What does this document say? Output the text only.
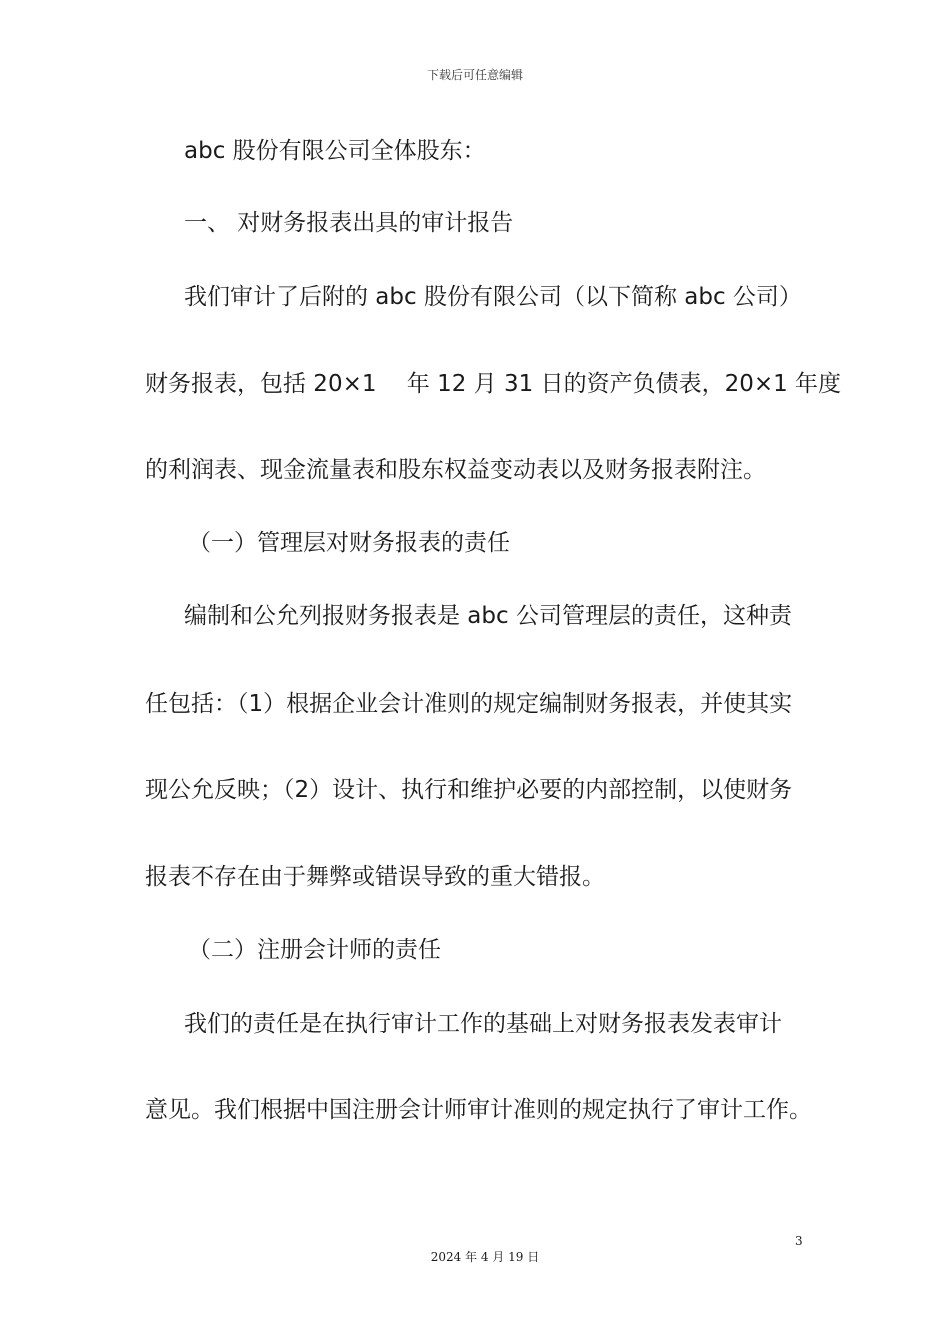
下载后可任意编辑
abc 股份有限公司全体股东：
一、 对财务报表出具的审计报告
我们审计了后附的 abc 股份有限公司（以下简称 abc 公司）
财务报表，包括 20×1　 年 12 月 31 日的资产负债表，20×1 年度
的利润表、现金流量表和股东权益变动表以及财务报表附注。
（一）管理层对财务报表的责任
编制和公允列报财务报表是 abc 公司管理层的责任，这种责
任包括：（1）根据企业会计准则的规定编制财务报表，并使其实
现公允反映；（2）设计、执行和维护必要的内部控制，以使财务
报表不存在由于舞弊或错误导致的重大错报。
（二）注册会计师的责任
我们的责任是在执行审计工作的基础上对财务报表发表审计
意见。我们根据中国注册会计师审计准则的规定执行了审计工作。
3
2024 年 4 月 19 日
